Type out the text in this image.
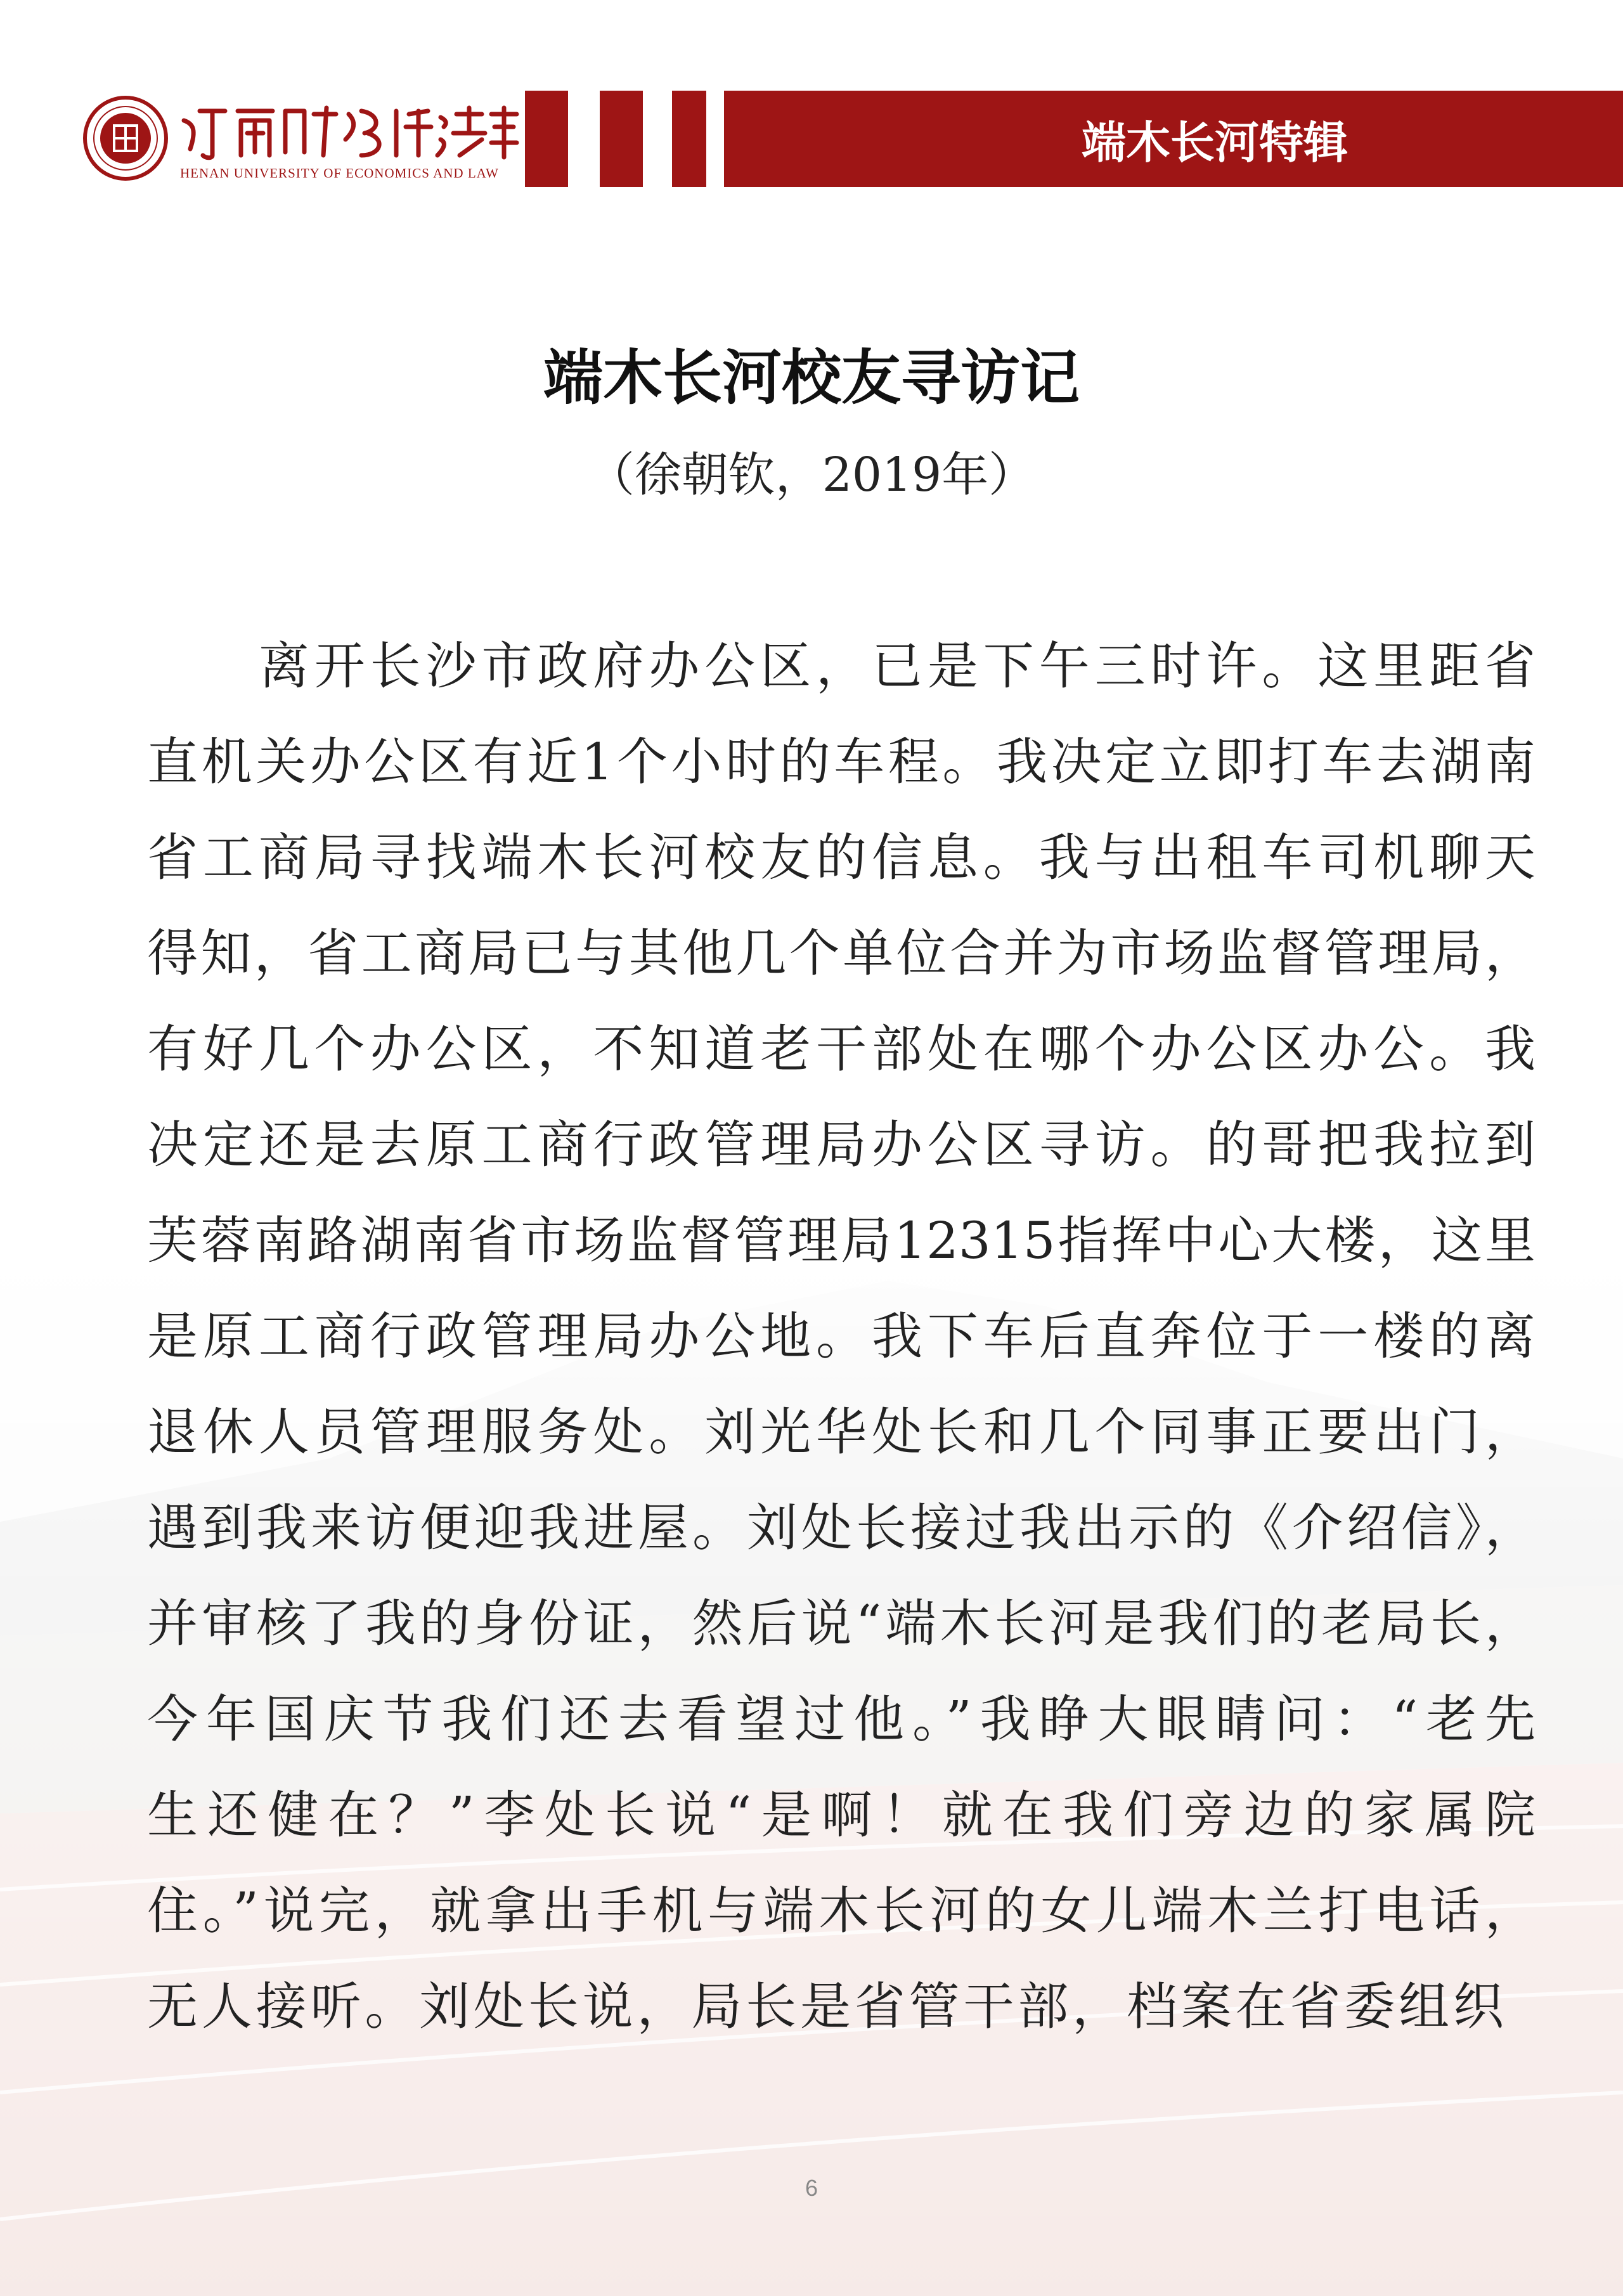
HENAN UNIVERSITY OF ECONOMICS AND LAW
端木长河特辑
端木长河校友寻访记
（徐朝钦，2019年）
　　离开长沙市政府办公区，已是下午三时许。这里距省
直机关办公区有近1个小时的车程。我决定立即打车去湖南
省工商局寻找端木长河校友的信息。我与出租车司机聊天
得知，省工商局已与其他几个单位合并为市场监督管理局，
有好几个办公区，不知道老干部处在哪个办公区办公。我
决定还是去原工商行政管理局办公区寻访。的哥把我拉到
芙蓉南路湖南省市场监督管理局12315指挥中心大楼，这里
是原工商行政管理局办公地。我下车后直奔位于一楼的离
退休人员管理服务处。刘光华处长和几个同事正要出门，
遇到我来访便迎我进屋。刘处长接过我出示的《介绍信》，
并审核了我的身份证，然后说“端木长河是我们的老局长，
今年国庆节我们还去看望过他。”我睁大眼睛问：“老先
生还健在？”李处长说“是啊！就在我们旁边的家属院
住。”说完，就拿出手机与端木长河的女儿端木兰打电话，
无人接听。刘处长说，局长是省管干部，档案在省委组织
6
